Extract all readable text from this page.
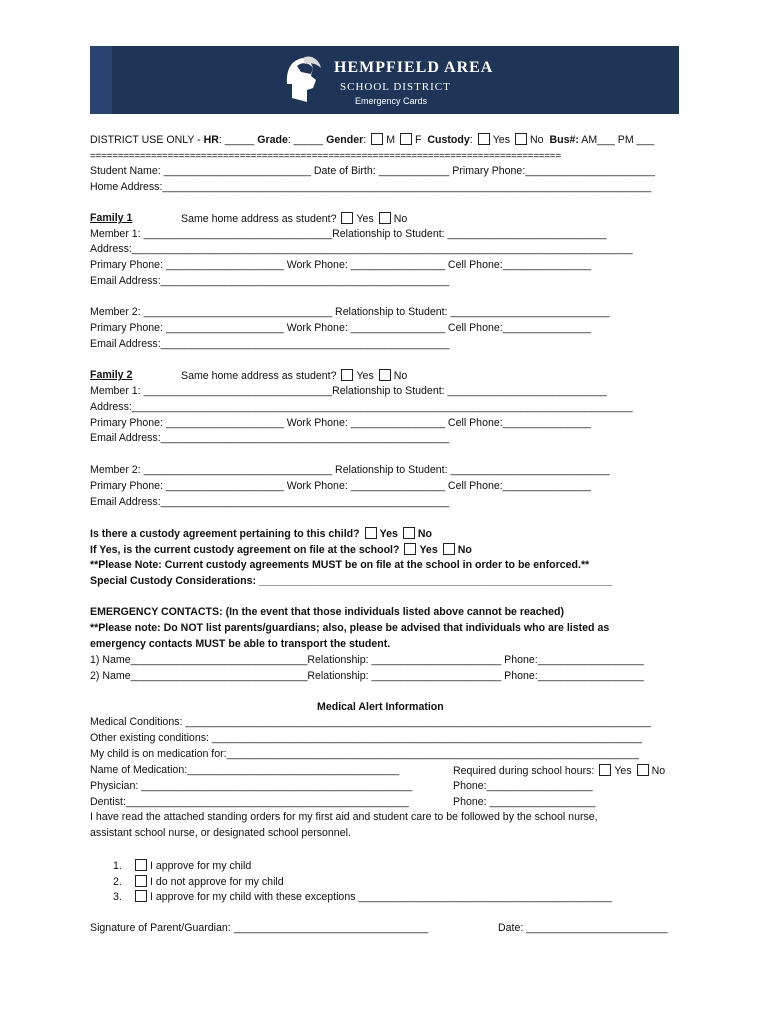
HEMPFIELD AREA
SCHOOL DISTRICT
Emergency Cards
DISTRICT USE ONLY - HR: _____ Grade: _____ Gender: M F Custody: Yes No Bus#: AM___ PM ___
=====================================================================================
Student Name: _________________________ Date of Birth: ____________ Primary Phone:______________________
Home Address:___________________________________________________________________________________
Family 1	Same home address as student? Yes No
Member 1: ________________________________Relationship to Student: ___________________________
Address:_____________________________________________________________________________________
Primary Phone: ____________________ Work Phone: ________________ Cell Phone:_______________
Email Address:_________________________________________________
Member 2: ________________________________ Relationship to Student: ___________________________
Primary Phone: ____________________ Work Phone: ________________ Cell Phone:_______________
Email Address:_________________________________________________
Family 2	Same home address as student? Yes No
Member 1: ________________________________Relationship to Student: ___________________________
Address:_____________________________________________________________________________________
Primary Phone: ____________________ Work Phone: ________________ Cell Phone:_______________
Email Address:_________________________________________________
Member 2: ________________________________ Relationship to Student: ___________________________
Primary Phone: ____________________ Work Phone: ________________ Cell Phone:_______________
Email Address:_________________________________________________
Is there a custody agreement pertaining to this child? Yes No
If Yes, is the current custody agreement on file at the school? Yes No
**Please Note: Current custody agreements MUST be on file at the school in order to be enforced.**
Special Custody Considerations: ____________________________________________________________
EMERGENCY CONTACTS: (In the event that those individuals listed above cannot be reached)
**Please note: Do NOT list parents/guardians; also, please be advised that individuals who are listed as
emergency contacts MUST be able to transport the student.
1) Name______________________________Relationship: ______________________ Phone:__________________
2) Name______________________________Relationship: ______________________ Phone:__________________
Medical Alert Information
Medical Conditions: _______________________________________________________________________________
Other existing conditions: _________________________________________________________________________
My child is on medication for:______________________________________________________________________
Name of Medication:____________________________________	Required during school hours: Yes No
Physician: ______________________________________________	Phone:__________________
Dentist:________________________________________________	Phone: __________________
I have read the attached standing orders for my first aid and student care to be followed by the school nurse,
assistant school nurse, or designated school personnel.
1.	I approve for my child
2.	I do not approve for my child
3.	I approve for my child with these exceptions ___________________________________________
Signature of Parent/Guardian: _________________________________	Date: ________________________
